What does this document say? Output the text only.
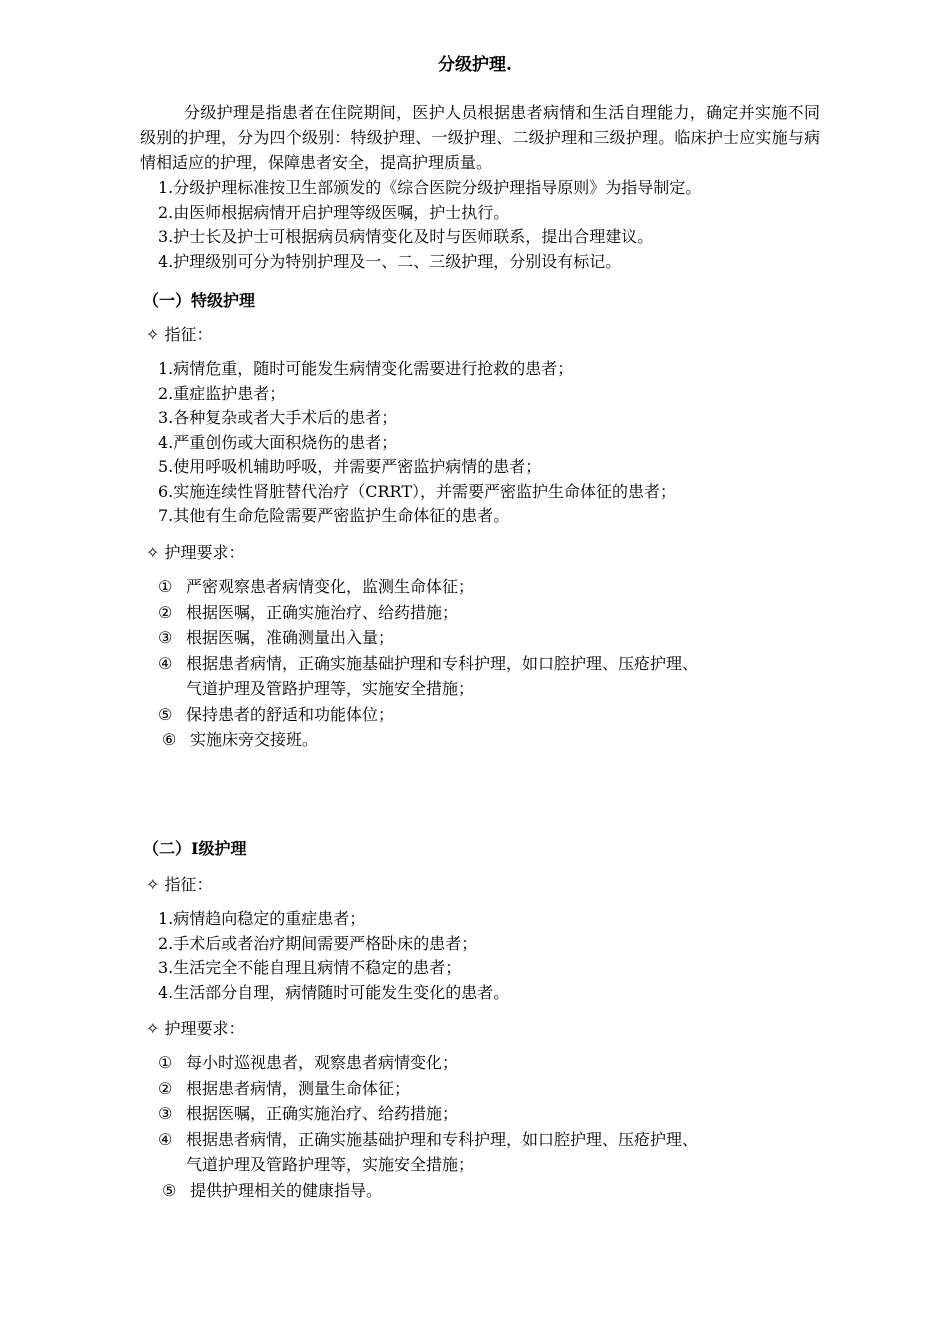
分级护理.

分级护理是指患者在住院期间，医护人员根据患者病情和生活自理能力，确定并实施不同级别的护理，分为四个级别：特级护理、一级护理、二级护理和三级护理。临床护士应实施与病情相适应的护理，保障患者安全，提高护理质量。

1.分级护理标准按卫生部颁发的《综合医院分级护理指导原则》为指导制定。
2.由医师根据病情开启护理等级医嘱，护士执行。
3.护士长及护士可根据病员病情变化及时与医师联系，提出合理建议。
4.护理级别可分为特别护理及一、二、三级护理，分别设有标记。
（一）特级护理
✧ 指征：
1.病情危重，随时可能发生病情变化需要进行抢救的患者；
2.重症监护患者；
3.各种复杂或者大手术后的患者；
4.严重创伤或大面积烧伤的患者；
5.使用呼吸机辅助呼吸，并需要严密监护病情的患者；
6.实施连续性肾脏替代治疗（CRRT），并需要严密监护生命体征的患者；
7.其他有生命危险需要严密监护生命体征的患者。
✧ 护理要求：
① 严密观察患者病情变化，监测生命体征；
② 根据医嘱，正确实施治疗、给药措施；
③ 根据医嘱，准确测量出入量；
④ 根据患者病情，正确实施基础护理和专科护理，如口腔护理、压疮护理、
气道护理及管路护理等，实施安全措施；
⑤ 保持患者的舒适和功能体位；
⑥ 实施床旁交接班。
（二）Ⅰ级护理
✧ 指征：
1.病情趋向稳定的重症患者；
2.手术后或者治疗期间需要严格卧床的患者；
3.生活完全不能自理且病情不稳定的患者；
4.生活部分自理，病情随时可能发生变化的患者。
✧ 护理要求：
① 每小时巡视患者，观察患者病情变化；
② 根据患者病情，测量生命体征；
③ 根据医嘱，正确实施治疗、给药措施；
④ 根据患者病情，正确实施基础护理和专科护理，如口腔护理、压疮护理、
气道护理及管路护理等，实施安全措施；
⑤ 提供护理相关的健康指导。
